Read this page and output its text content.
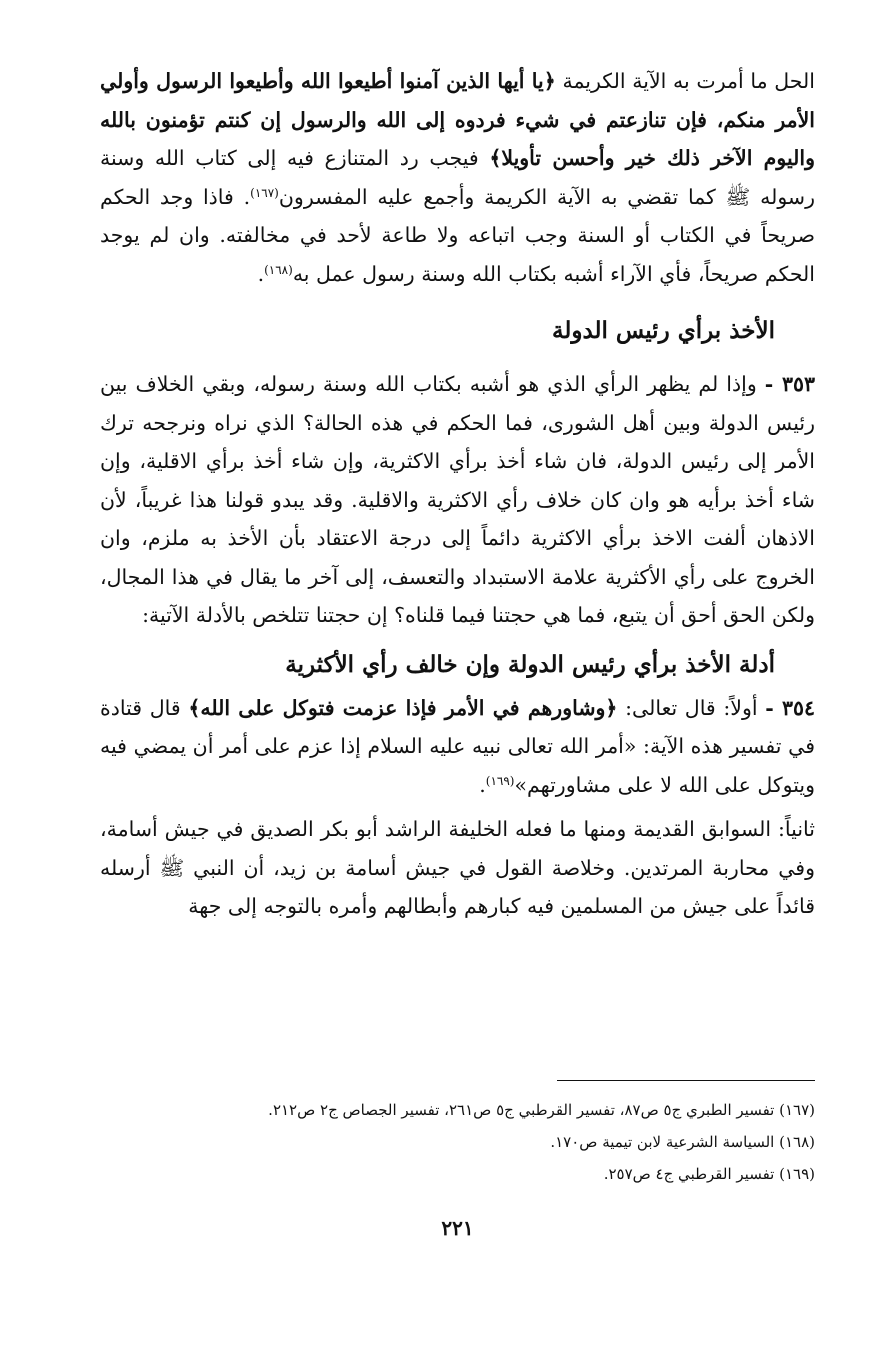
الحل ما أمرت به الآية الكريمة ﴿يا أيها الذين آمنوا أطيعوا الله وأطيعوا الرسول وأولي الأمر منكم، فإن تنازعتم في شيء فردوه إلى الله والرسول إن كنتم تؤمنون بالله واليوم الآخر ذلك خير وأحسن تأويلا﴾ فيجب رد المتنازع فيه إلى كتاب الله وسنة رسوله ﷺ كما تقضي به الآية الكريمة وأجمع عليه المفسرون$^{(١٦٧)}$. فاذا وجد الحكم صريحاً في الكتاب أو السنة وجب اتباعه ولا طاعة لأحد في مخالفته. وان لم يوجد الحكم صريحاً، فأي الآراء أشبه بكتاب الله وسنة رسول عمل به$^{(١٦٨)}$.

الأخذ برأي رئيس الدولة

٣٥٣ - وإذا لم يظهر الرأي الذي هو أشبه بكتاب الله وسنة رسوله، وبقي الخلاف بين رئيس الدولة وبين أهل الشورى، فما الحكم في هذه الحالة؟ الذي نراه ونرجحه ترك الأمر إلى رئيس الدولة، فان شاء أخذ برأي الاكثرية، وإن شاء أخذ برأي الاقلية، وإن شاء أخذ برأيه هو وان كان خلاف رأي الاكثرية والاقلية. وقد يبدو قولنا هذا غريباً، لأن الاذهان ألفت الاخذ برأي الاكثرية دائماً إلى درجة الاعتقاد بأن الأخذ به ملزم، وان الخروج على رأي الأكثرية علامة الاستبداد والتعسف، إلى آخر ما يقال في هذا المجال، ولكن الحق أحق أن يتبع، فما هي حجتنا فيما قلناه؟ إن حجتنا تتلخص بالأدلة الآتية:

أدلة الأخذ برأي رئيس الدولة وإن خالف رأي الأكثرية

٣٥٤ - أولاً: قال تعالى: ﴿وشاورهم في الأمر فإذا عزمت فتوكل على الله﴾ قال قتادة في تفسير هذه الآية: «أمر الله تعالى نبيه عليه السلام إذا عزم على أمر أن يمضي فيه ويتوكل على الله لا على مشاورتهم»$^{(١٦٩)}$.

ثانياً: السوابق القديمة ومنها ما فعله الخليفة الراشد أبو بكر الصديق في جيش أسامة، وفي محاربة المرتدين. وخلاصة القول في جيش أسامة بن زيد، أن النبي ﷺ أرسله قائداً على جيش من المسلمين فيه كبارهم وأبطالهم وأمره بالتوجه إلى جهة

(١٦٧) تفسير الطبري ج٥ ص٨٧، تفسير القرطبي ج٥ ص٢٦١، تفسير الجصاص ج٢ ص٢١٢.
(١٦٨) السياسة الشرعية لابن تيمية ص١٧٠.
(١٦٩) تفسير القرطبي ج٤ ص٢٥٧.

٢٢١
